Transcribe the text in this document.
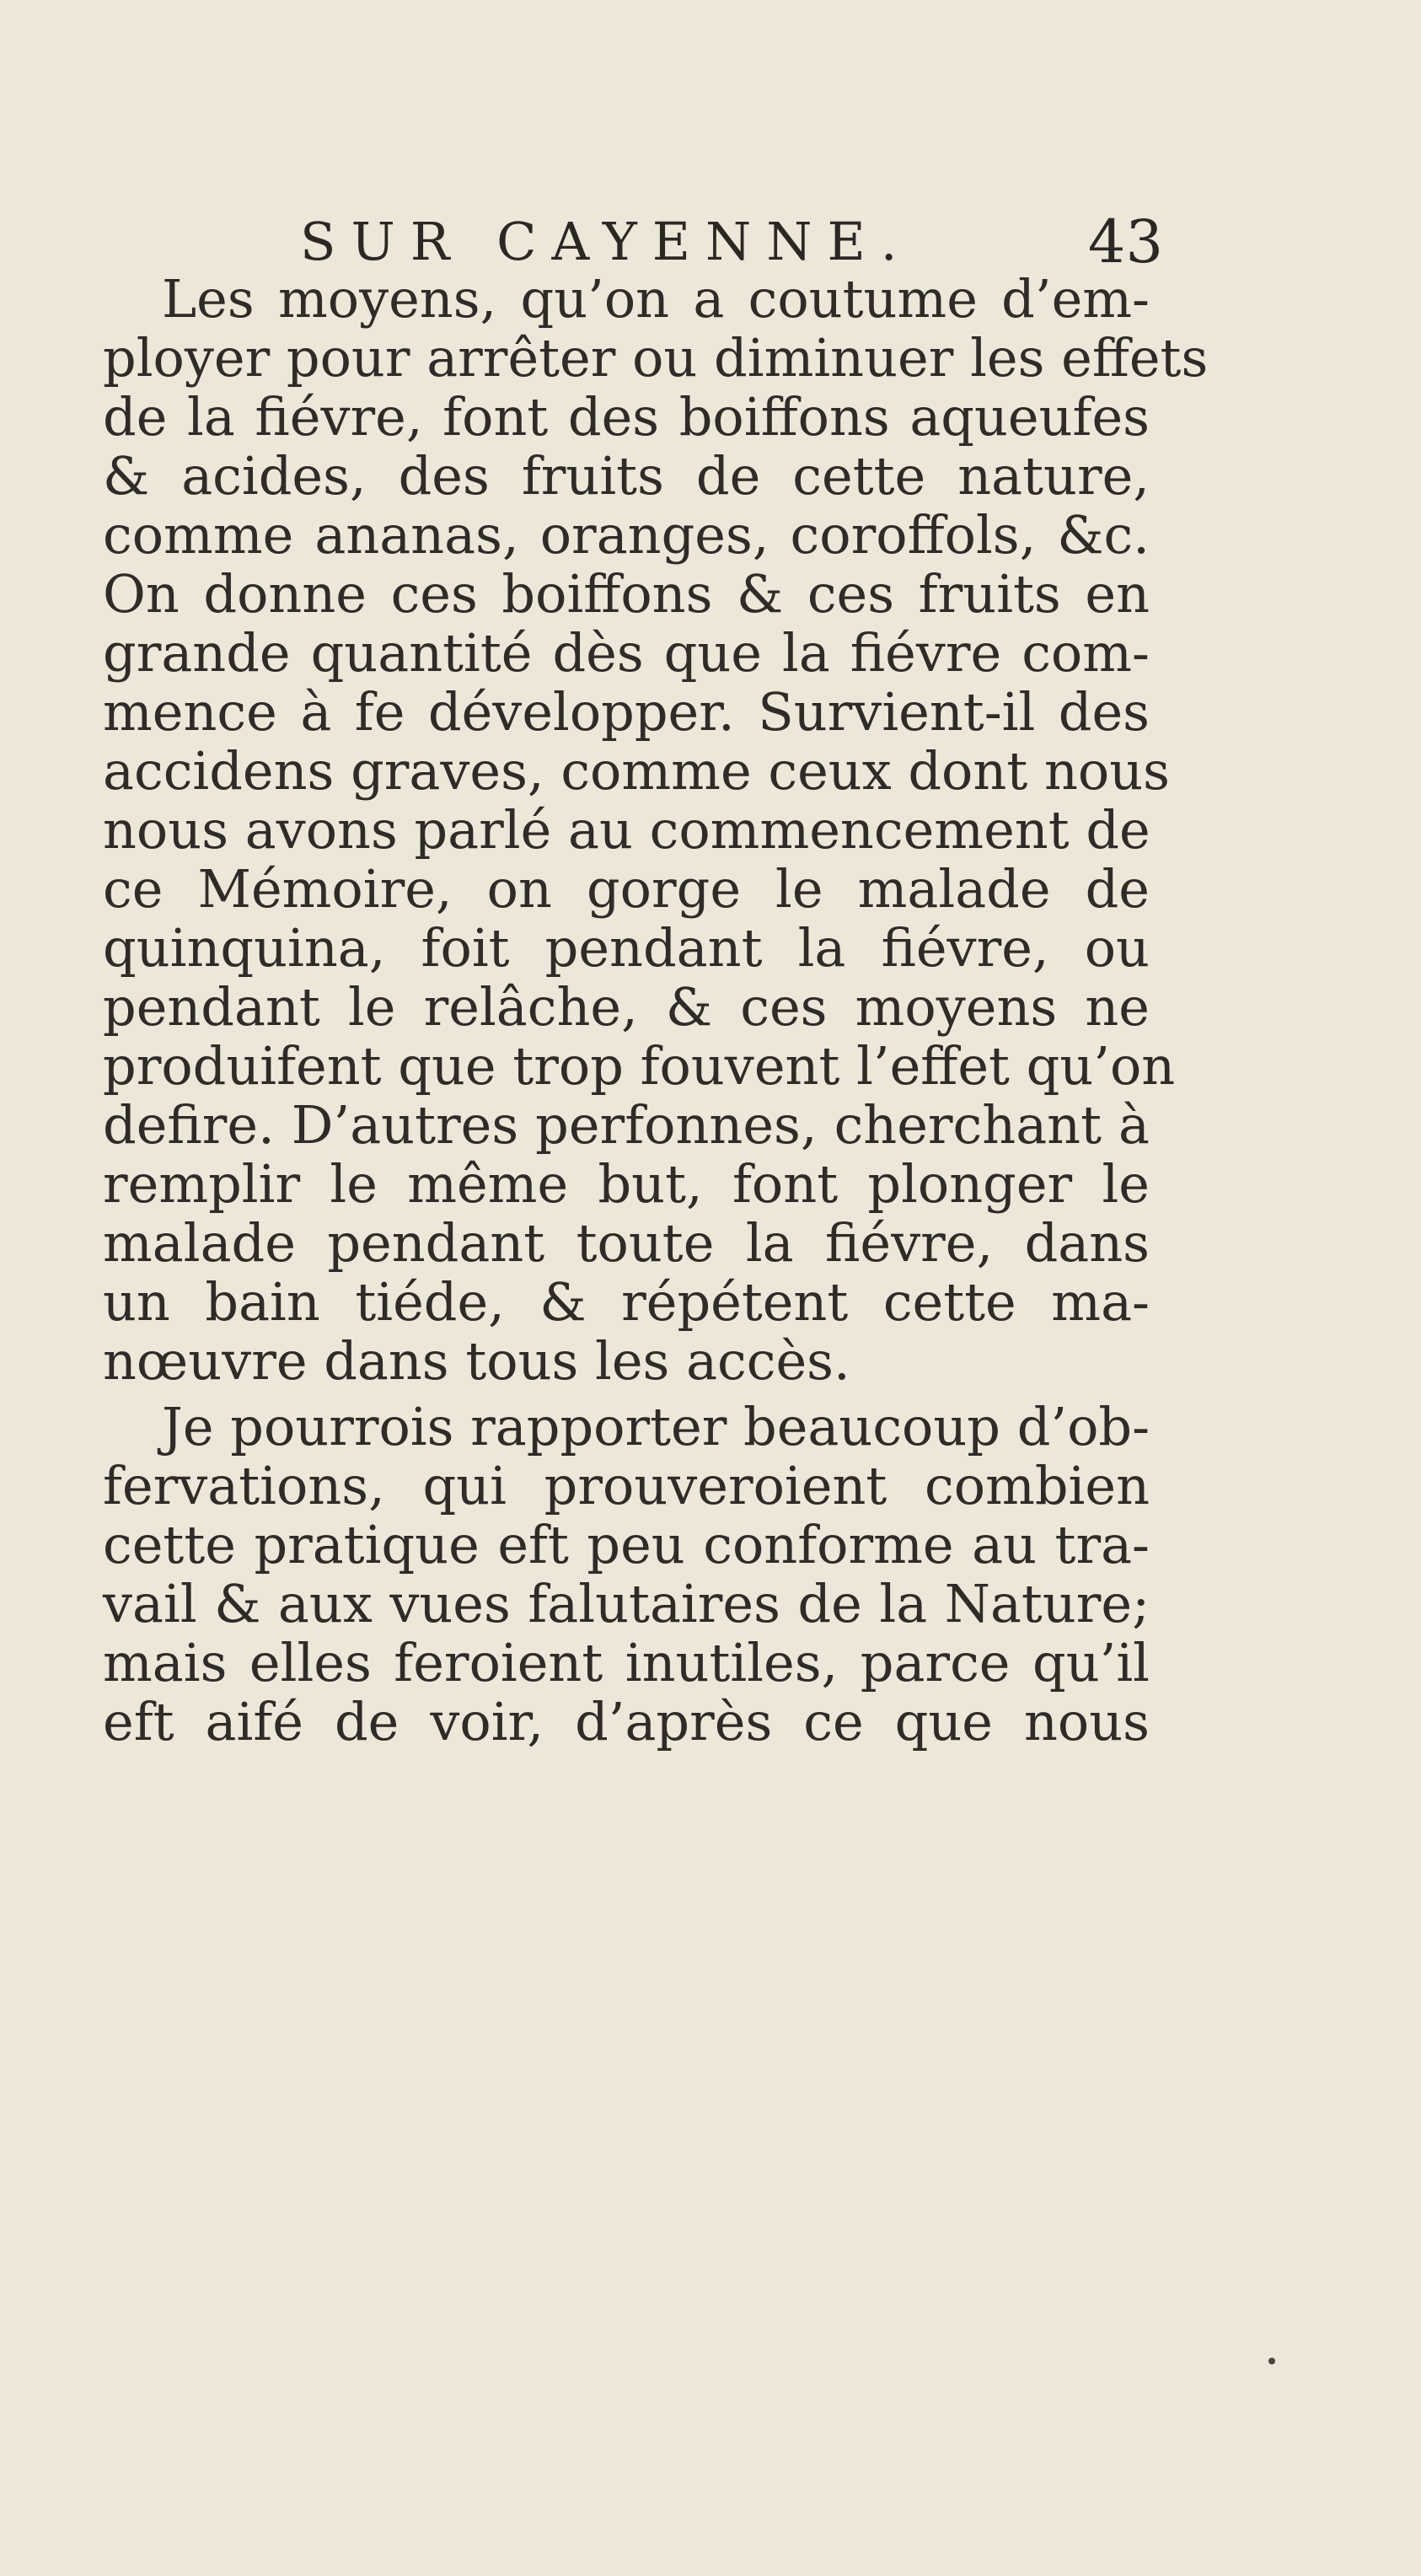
SUR CAYENNE.	43
Les moyens, qu’on a coutume d’em-
ployer pour arrêter ou diminuer les effets
de la fiévre, font des boiffons aqueufes
& acides, des fruits de cette nature,
comme ananas, oranges, coroffols, &c.
On donne ces boiffons & ces fruits en
grande quantité dès que la fiévre com-
mence à fe développer. Survient-il des
accidens graves, comme ceux dont nous
nous avons parlé au commencement de
ce Mémoire, on gorge le malade de
quinquina, foit pendant la fiévre, ou
pendant le relâche, & ces moyens ne
produifent que trop fouvent l’effet qu’on
defire. D’autres perfonnes, cherchant à
remplir le même but, font plonger le
malade pendant toute la fiévre, dans
un bain tiéde, & répétent cette ma-
nœuvre dans tous les accès.
Je pourrois rapporter beaucoup d’ob-
fervations, qui prouveroient combien
cette pratique eft peu conforme au tra-
vail & aux vues falutaires de la Nature;
mais elles feroient inutiles, parce qu’il
eft aifé de voir, d’après ce que nous
